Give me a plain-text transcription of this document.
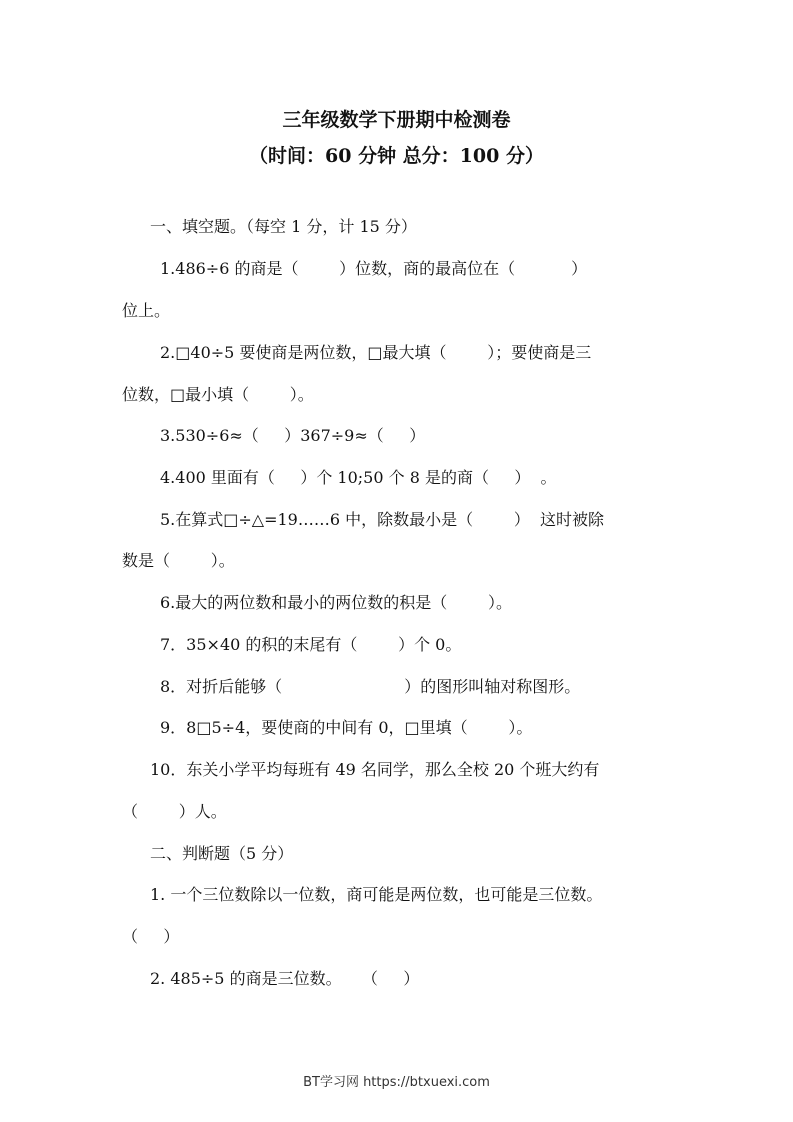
三年级数学下册期中检测卷
（时间：60 分钟 总分：100 分）
一、填空题。（每空 1 分，计 15 分）
1.486÷6 的商是（        ）位数，商的最高位在（           ）
位上。
2.□40÷5 要使商是两位数，□最大填（        ）；要使商是三
位数，□最小填（        ）。
3.530÷6≈（     ）367÷9≈（     ）
4.400 里面有（     ）个 10;50 个 8 是的商（     ）  。
5.在算式□÷△=19……6 中，除数最小是（        ）  这时被除
数是（        ）。
6.最大的两位数和最小的两位数的积是（        ）。
7．35×40 的积的末尾有（        ）个 0。
8．对折后能够（                        ）的图形叫轴对称图形。
9．8□5÷4，要使商的中间有 0，□里填（        ）。
10．东关小学平均每班有 49 名同学，那么全校 20 个班大约有
（        ）人。
二、判断题（5 分）
1. 一个三位数除以一位数，商可能是两位数，也可能是三位数。
（     ）
2. 485÷5 的商是三位数。    （     ）
BT学习网 https://btxuexi.com
